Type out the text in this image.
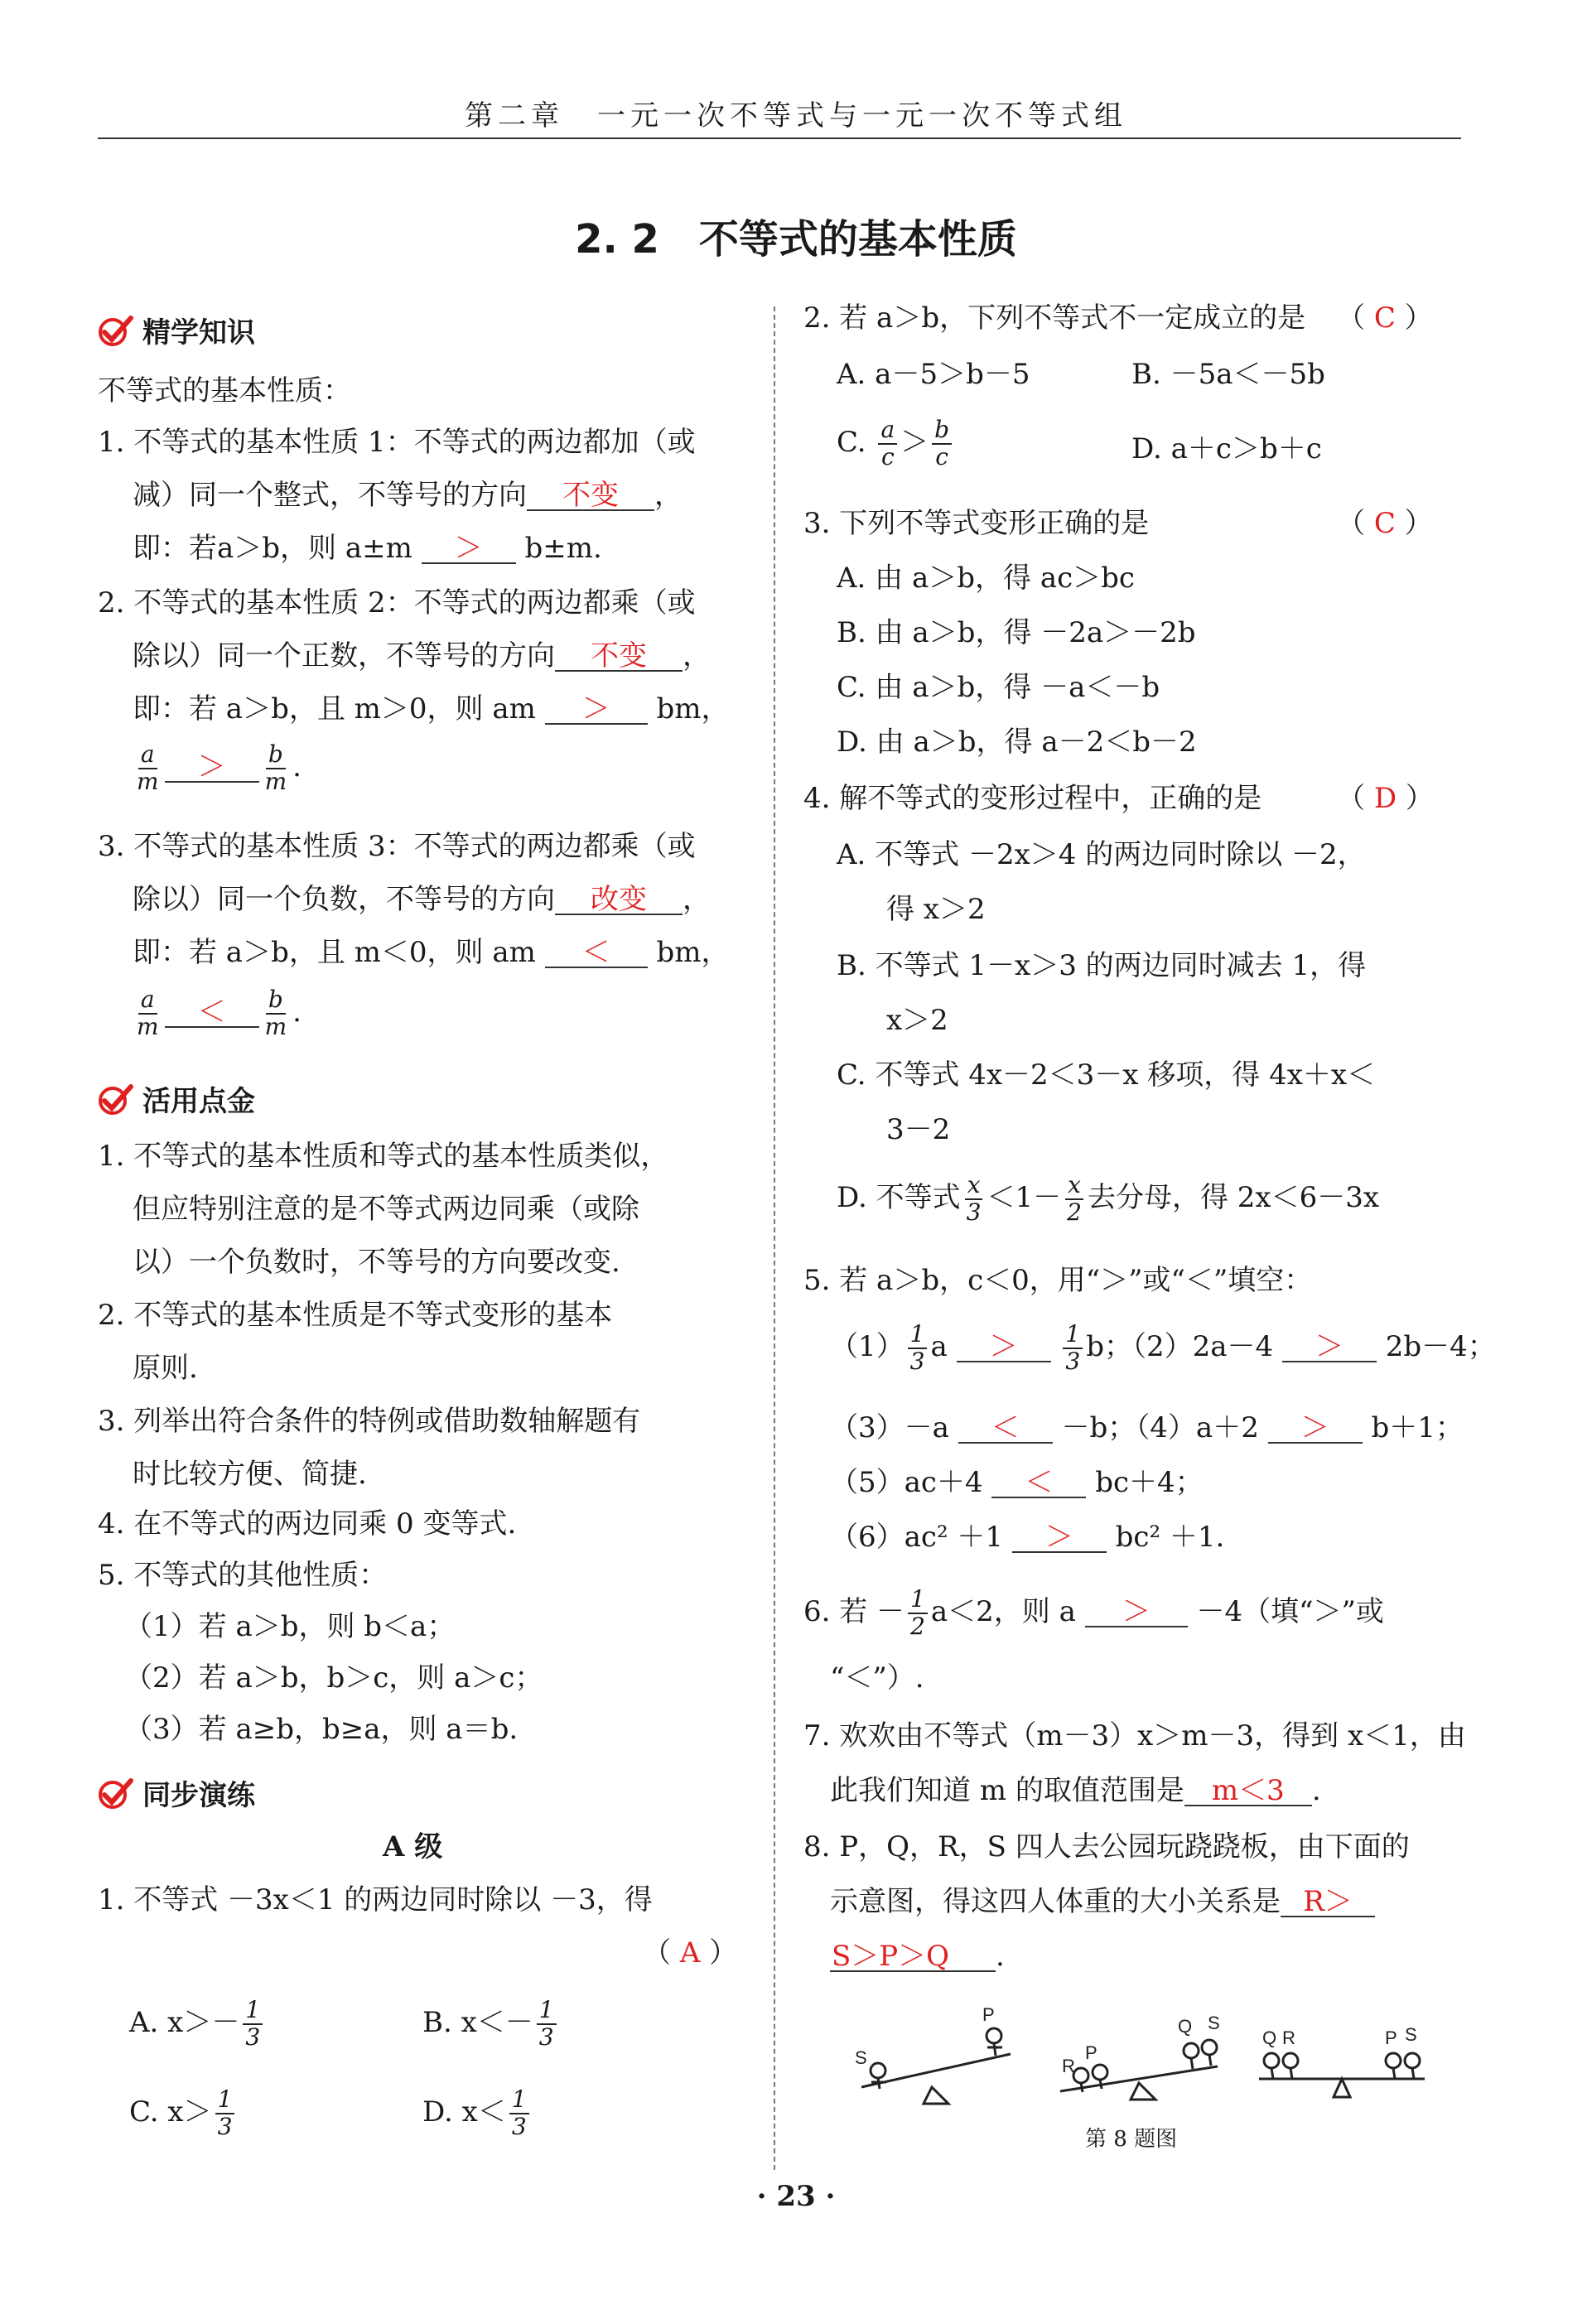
第二章　一元一次不等式与一元一次不等式组
2. 2　不等式的基本性质
精学知识
不等式的基本性质：
1. 不等式的基本性质 1：不等式的两边都加（或
减）同一个整式，不等号的方向 不变 ，
即：若a＞b，则 a±m ＞ b±m.
2. 不等式的基本性质 2：不等式的两边都乘（或
除以）同一个正数，不等号的方向 不变 ，
即：若 a＞b，且 m＞0，则 am ＞ bm，
$\frac{a}{m} > \frac{b}{m}$ .
3. 不等式的基本性质 3：不等式的两边都乘（或
除以）同一个负数，不等号的方向 改变 ，
即：若 a＞b，且 m＜0，则 am ＜ bm，
$\frac{a}{m} < \frac{b}{m}$ .
活用点金
1. 不等式的基本性质和等式的基本性质类似，
但应特别注意的是不等式两边同乘（或除
以）一个负数时，不等号的方向要改变.
2. 不等式的基本性质是不等式变形的基本
原则.
3. 列举出符合条件的特例或借助数轴解题有
时比较方便、简捷.
4. 在不等式的两边同乘 0 变等式.
5. 不等式的其他性质：
（1）若 a＞b，则 b＜a；
（2）若 a＞b，b＞c，则 a＞c；
（3）若 a≥b，b≥a，则 a＝b.
同步演练
A 级
1. 不等式 －3x＜1 的两边同时除以 －3，得
（ A ）
A. $x>- \frac{1}{3}$	B. $x<- \frac{1}{3}$
C. $x> \frac{1}{3}$	D. $x< \frac{1}{3}$
2. 若 a＞b，下列不等式不一定成立的是 （ C ）
A. a－5＞b－5	B. －5a＜－5b
C. $\frac{a}{c} > \frac{b}{c}$	D. a＋c＞b＋c
3. 下列不等式变形正确的是	（ C ）
A. 由 a＞b，得 ac＞bc
B. 由 a＞b，得 －2a＞－2b
C. 由 a＞b，得 －a＜－b
D. 由 a＞b，得 a－2＜b－2
4. 解不等式的变形过程中，正确的是	（ D ）
A. 不等式 －2x＞4 的两边同时除以 －2，
得 x＞2
B. 不等式 1－x＞3 的两边同时减去 1，得
x＞2
C. 不等式 4x－2＜3－x 移项，得 4x＋x＜
3－2
D. 不等式 $\frac{x}{3} <1- \frac{x}{2}$ 去分母，得 2x＜6－3x
5. 若 a＞b，c＜0，用“＞”或“＜”填空：
$(1) \frac{1}{3}$ $a > \frac{1}{3}$ b；（2）2a－4 ＞ 2b－4；
（3）－a ＜ －b；（4）a＋2 ＞ b＋1；
（5）ac＋4 ＜ bc＋4；
（6）ac² ＋1 ＞ bc² ＋1.
6. 若 － $\frac{1}{2} a<2$，则 a ＞ －4（填“＞”或
“＜”）.
7. 欢欢由不等式（m－3）x＞m－3，得到 x＜1，由
此我们知道 m 的取值范围是 m＜3 .
8. P，Q，R，S 四人去公园玩跷跷板，由下面的
示意图，得这四人体重的大小关系是 R＞
S＞P＞Q .
S
P
R
P
Q S
Q R	P S
第 8 题图
· 23 ·
